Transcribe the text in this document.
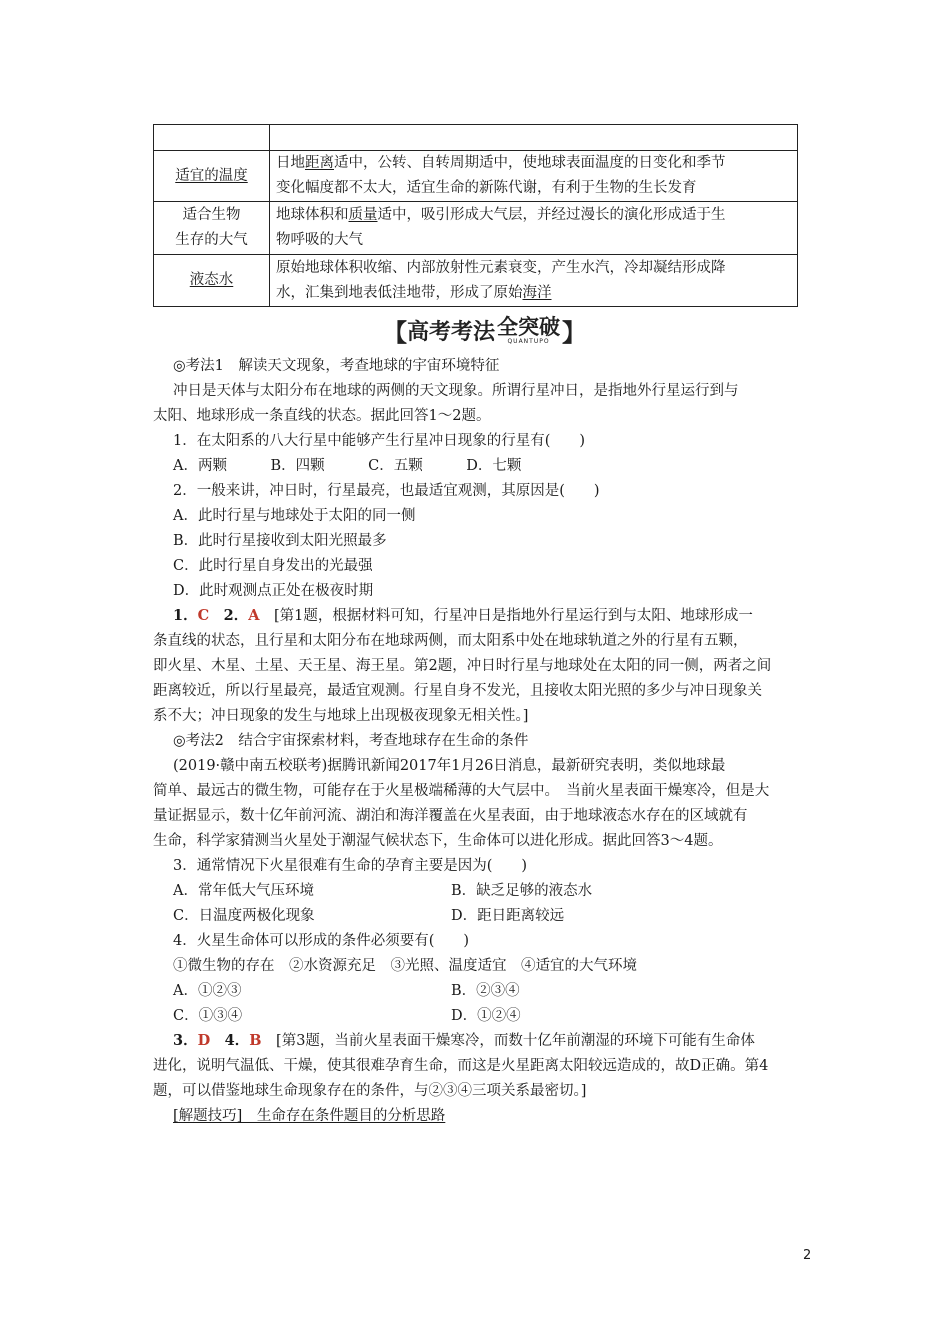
适宜的温度	日地距离适中，公转、自转周期适中，使地球表面温度的日变化和季节
变化幅度都不太大，适宜生命的新陈代谢，有利于生物的生长发育
适合生物
生存的大气	地球体积和质量适中，吸引形成大气层，并经过漫长的演化形成适于生
物呼吸的大气
液态水	原始地球体积收缩、内部放射性元素衰变，产生水汽，冷却凝结形成降
水，汇集到地表低洼地带，形成了原始海洋
【 高考考法 全突破
QUANTUPO 】
◎考法1　解读天文现象，考查地球的宇宙环境特征
冲日是天体与太阳分布在地球的两侧的天文现象。所谓行星冲日，是指地外行星运行到与
太阳、地球形成一条直线的状态。据此回答1～2题。
1．在太阳系的八大行星中能够产生行星冲日现象的行星有(　　)
A．两颗　　　B．四颗　　　C．五颗　　　D．七颗
2．一般来讲，冲日时，行星最亮，也最适宜观测，其原因是(　　)
A．此时行星与地球处于太阳的同一侧
B．此时行星接收到太阳光照最多
C．此时行星自身发出的光最强
D．此时观测点正处在极夜时期
1．C　2．A　[第1题，根据材料可知，行星冲日是指地外行星运行到与太阳、地球形成一
条直线的状态，且行星和太阳分布在地球两侧，而太阳系中处在地球轨道之外的行星有五颗，
即火星、木星、土星、天王星、海王星。第2题，冲日时行星与地球处在太阳的同一侧，两者之间
距离较近，所以行星最亮，最适宜观测。行星自身不发光，且接收太阳光照的多少与冲日现象关
系不大；冲日现象的发生与地球上出现极夜现象无相关性。]
◎考法2　结合宇宙探索材料，考查地球存在生命的条件
(2019·赣中南五校联考)据腾讯新闻2017年1月26日消息，最新研究表明，类似地球最
简单、最远古的微生物，可能存在于火星极端稀薄的大气层中。　当前火星表面干燥寒冷，但是大
量证据显示，数十亿年前河流、湖泊和海洋覆盖在火星表面，由于地球液态水存在的区域就有
生命，科学家猜测当火星处于潮湿气候状态下，生命体可以进化形成。据此回答3～4题。
3．通常情况下火星很难有生命的孕育主要是因为(　　)
A．常年低大气压环境	B．缺乏足够的液态水
C．日温度两极化现象	D．距日距离较远
4．火星生命体可以形成的条件必须要有(　　)
①微生物的存在　②水资源充足　③光照、温度适宜　④适宜的大气环境
A．①②③	B．②③④
C．①③④	D．①②④
3．D　4．B　[第3题，当前火星表面干燥寒冷，而数十亿年前潮湿的环境下可能有生命体
进化，说明气温低、干燥，使其很难孕育生命，而这是火星距离太阳较远造成的，故D正确。第4
题，可以借鉴地球生命现象存在的条件，与②③④三项关系最密切。]
[解题技巧]　生命存在条件题目的分析思路
2
